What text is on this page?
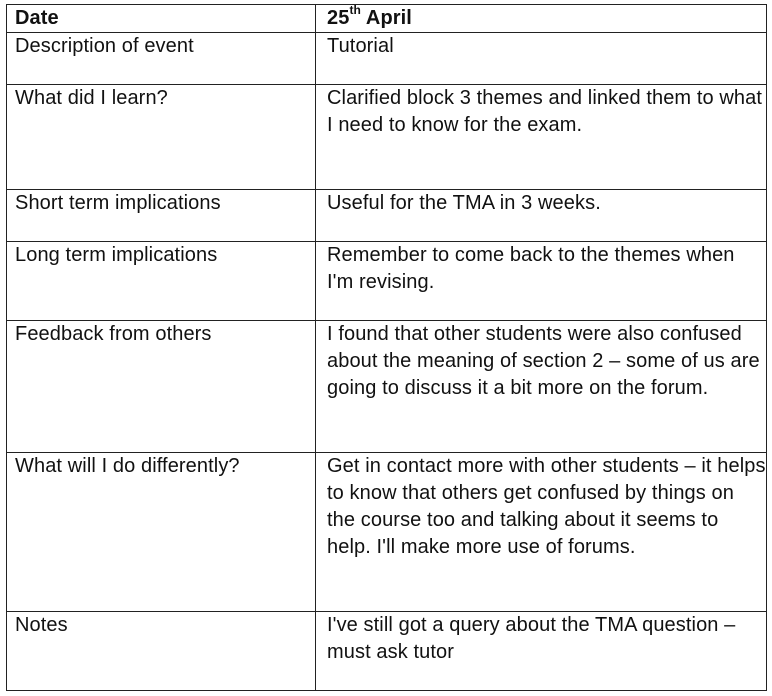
Date	25th April
Description of event	Tutorial
What did I learn?	Clarified block 3 themes and linked them to what I need to know for the exam.
Short term implications	Useful for the TMA in 3 weeks.
Long term implications	Remember to come back to the themes when I'm revising.
Feedback from others	I found that other students were also confused about the meaning of section 2 – some of us are going to discuss it a bit more on the forum.
What will I do differently?	Get in contact more with other students – it helps to know that others get confused by things on the course too and talking about it seems to help. I'll make more use of forums.
Notes	I've still got a query about the TMA question – must ask tutor
